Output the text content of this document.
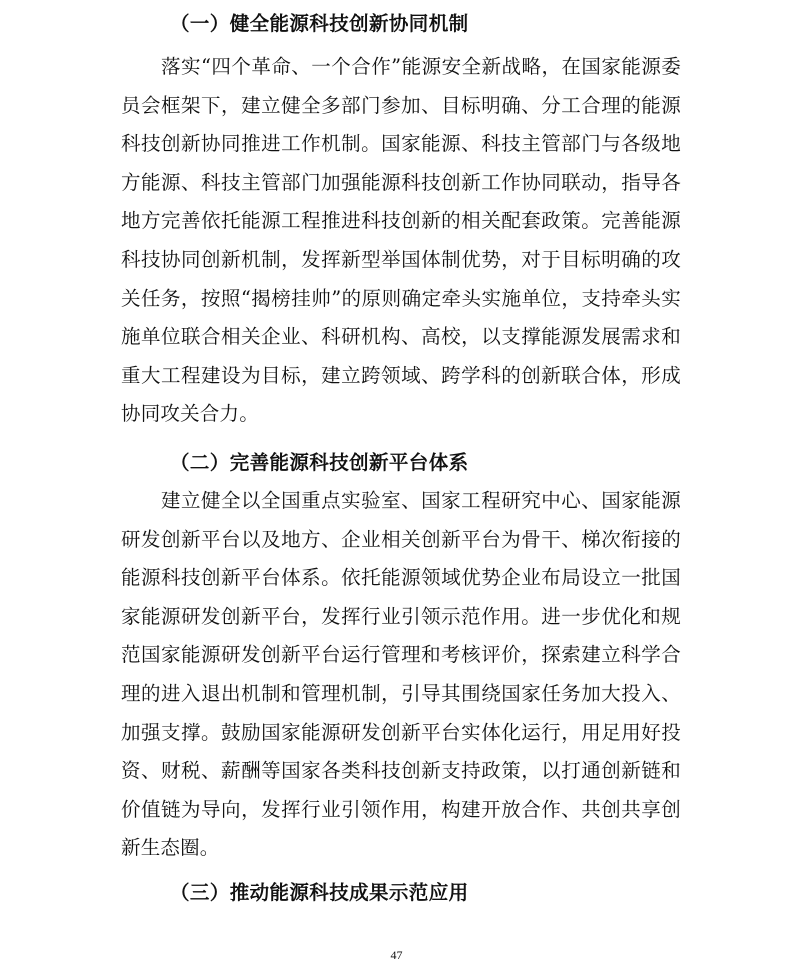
（一）健全能源科技创新协同机制
落实“四个革命、一个合作”能源安全新战略，在国家能源委
员会框架下，建立健全多部门参加、目标明确、分工合理的能源
科技创新协同推进工作机制。国家能源、科技主管部门与各级地
方能源、科技主管部门加强能源科技创新工作协同联动，指导各
地方完善依托能源工程推进科技创新的相关配套政策。完善能源
科技协同创新机制，发挥新型举国体制优势，对于目标明确的攻
关任务，按照“揭榜挂帅”的原则确定牵头实施单位，支持牵头实
施单位联合相关企业、科研机构、高校，以支撑能源发展需求和
重大工程建设为目标，建立跨领域、跨学科的创新联合体，形成
协同攻关合力。
（二）完善能源科技创新平台体系
建立健全以全国重点实验室、国家工程研究中心、国家能源
研发创新平台以及地方、企业相关创新平台为骨干、梯次衔接的
能源科技创新平台体系。依托能源领域优势企业布局设立一批国
家能源研发创新平台，发挥行业引领示范作用。进一步优化和规
范国家能源研发创新平台运行管理和考核评价，探索建立科学合
理的进入退出机制和管理机制，引导其围绕国家任务加大投入、
加强支撑。鼓励国家能源研发创新平台实体化运行，用足用好投
资、财税、薪酬等国家各类科技创新支持政策，以打通创新链和
价值链为导向，发挥行业引领作用，构建开放合作、共创共享创
新生态圈。
（三）推动能源科技成果示范应用
47
